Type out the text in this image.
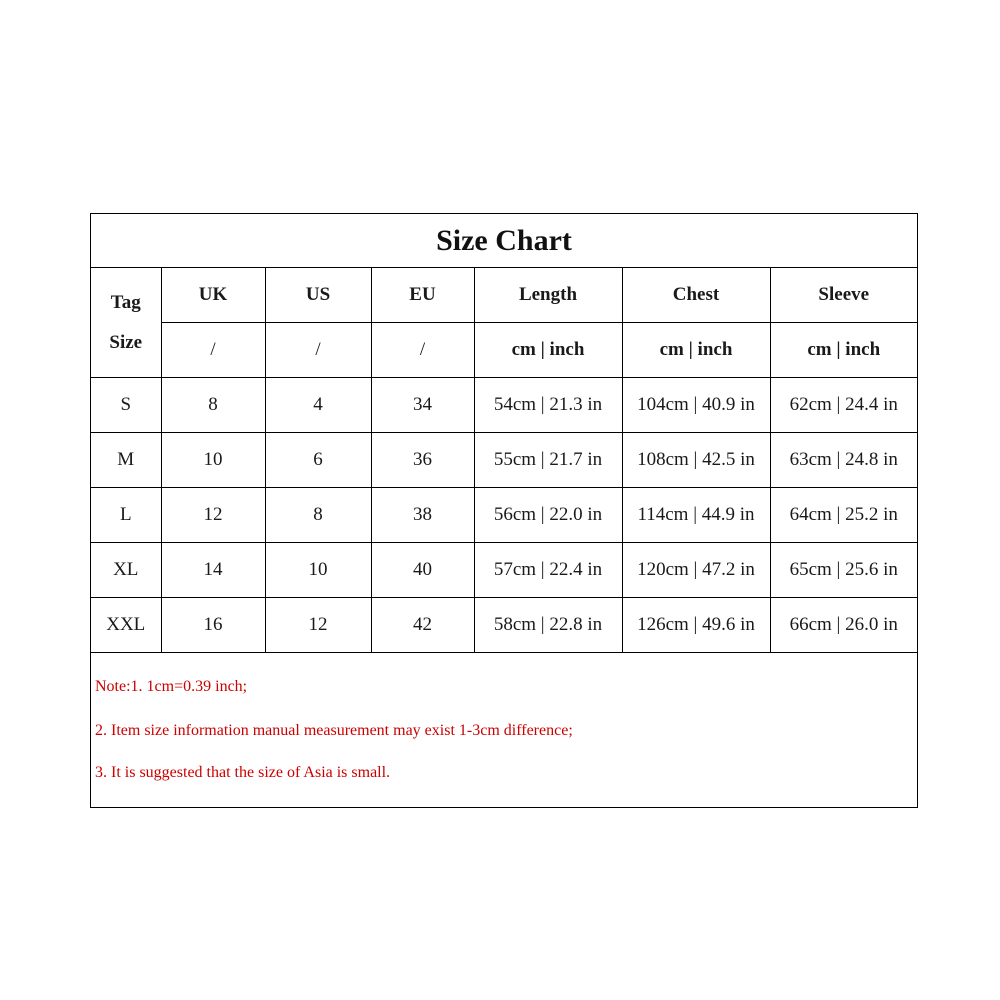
Size Chart
Tag
Size	UK	US	EU	Length	Chest	Sleeve
	/	/	/	cm | inch	cm | inch	cm | inch
S	8	4	34	54cm | 21.3 in	104cm | 40.9 in	62cm | 24.4 in
M	10	6	36	55cm | 21.7 in	108cm | 42.5 in	63cm | 24.8 in
L	12	8	38	56cm | 22.0 in	114cm | 44.9 in	64cm | 25.2 in
XL	14	10	40	57cm | 22.4 in	120cm | 47.2 in	65cm | 25.6 in
XXL	16	12	42	58cm | 22.8 in	126cm | 49.6 in	66cm | 26.0 in
Note:1. 1cm=0.39 inch;
2. Item size information manual measurement may exist 1-3cm difference;
3. It is suggested that the size of Asia is small.
